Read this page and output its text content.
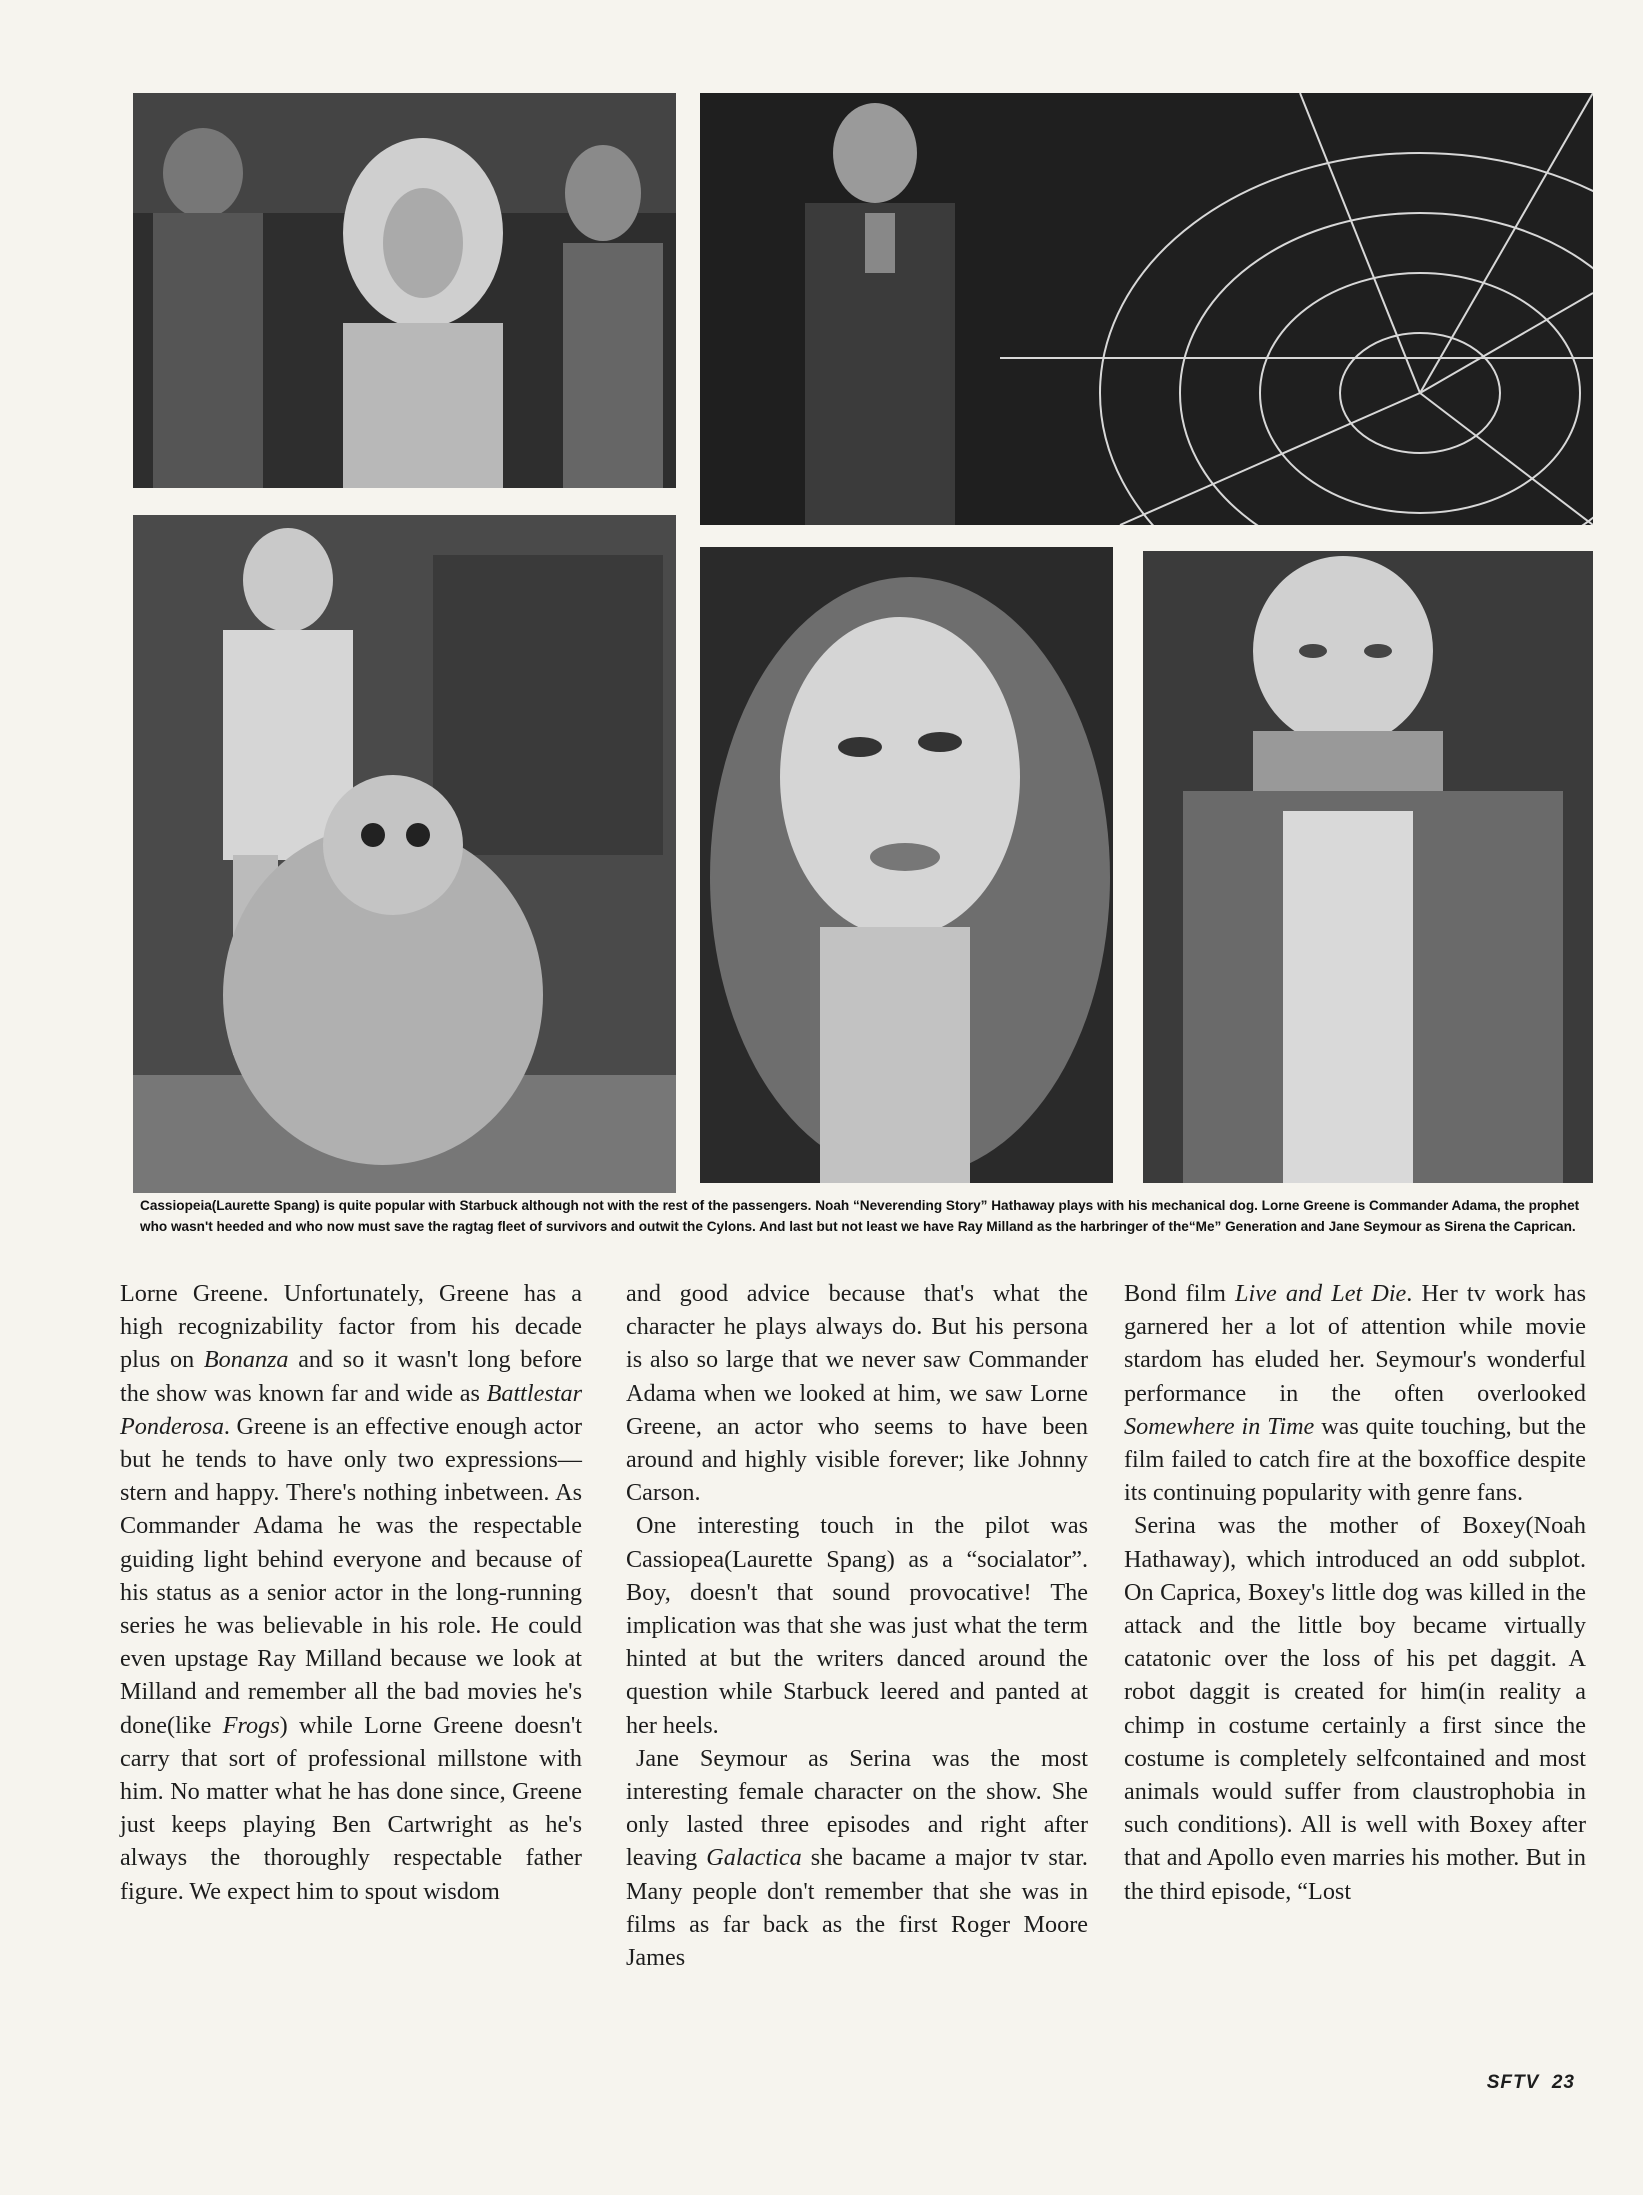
Cassiopeia(Laurette Spang) is quite popular with Starbuck although not with the rest of the passengers. Noah “Neverending Story” Hathaway plays with his mechanical dog. Lorne Greene is Commander Adama, the prophet who wasn't heeded and who now must save the ragtag fleet of survivors and outwit the Cylons. And last but not least we have Ray Milland as the harbringer of the“Me” Generation and Jane Seymour as Sirena the Caprican.

Lorne Greene. Unfortunately, Greene has a high recognizability factor from his decade plus on Bonanza and so it wasn't long before the show was known far and wide as Battlestar Ponderosa. Greene is an effective enough actor but he tends to have only two expressions—stern and happy. There's nothing inbetween. As Commander Adama he was the respectable guiding light behind everyone and because of his status as a senior actor in the long-running series he was believable in his role. He could even upstage Ray Milland because we look at Milland and remember all the bad movies he's done(like Frogs) while Lorne Greene doesn't carry that sort of professional millstone with him. No matter what he has done since, Greene just keeps playing Ben Cartwright as he's always the thoroughly respectable father figure. We expect him to spout wisdom

and good advice because that's what the character he plays always do. But his persona is also so large that we never saw Commander Adama when we looked at him, we saw Lorne Greene, an actor who seems to have been around and highly visible forever; like Johnny Carson.

One interesting touch in the pilot was Cassiopea(Laurette Spang) as a “socialator”. Boy, doesn't that sound provocative! The implication was that she was just what the term hinted at but the writers danced around the question while Starbuck leered and panted at her heels.

Jane Seymour as Serina was the most interesting female character on the show. She only lasted three episodes and right after leaving Galactica she bacame a major tv star. Many people don't remember that she was in films as far back as the first Roger Moore James

Bond film Live and Let Die. Her tv work has garnered her a lot of attention while movie stardom has eluded her. Seymour's wonderful performance in the often overlooked Somewhere in Time was quite touching, but the film failed to catch fire at the boxoffice despite its continuing popularity with genre fans.

Serina was the mother of Boxey(Noah Hathaway), which introduced an odd subplot. On Caprica, Boxey's little dog was killed in the attack and the little boy became virtually catatonic over the loss of his pet daggit. A robot daggit is created for him(in reality a chimp in costume certainly a first since the costume is completely selfcontained and most animals would suffer from claustrophobia in such conditions). All is well with Boxey after that and Apollo even marries his mother. But in the third episode, “Lost

SFTV 23
